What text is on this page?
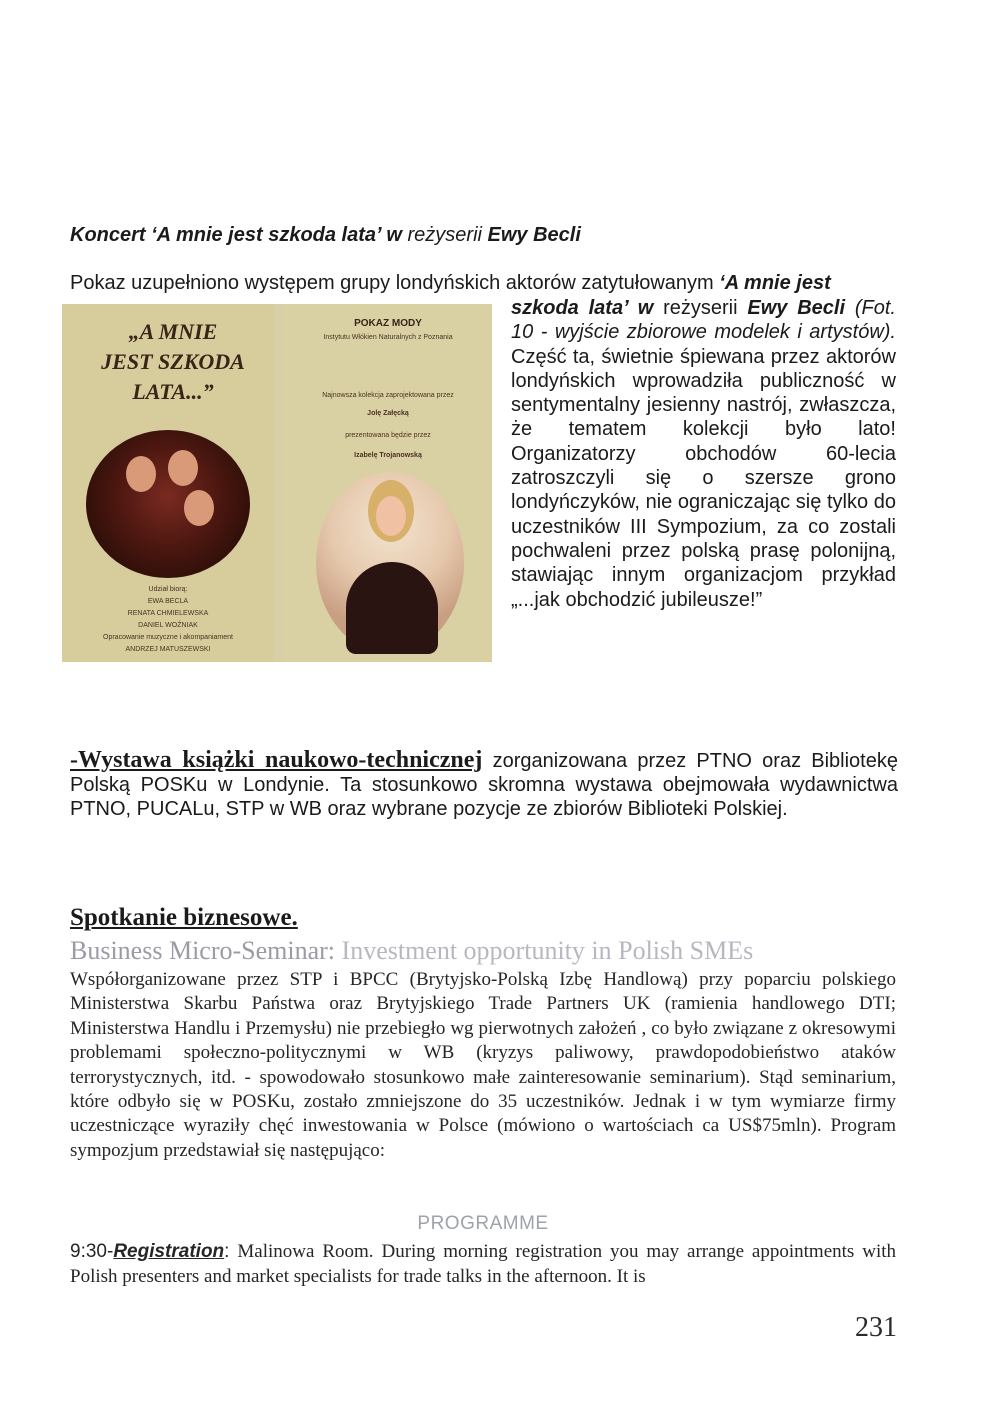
Koncert ‘A mnie jest szkoda lata’ w reżyserii Ewy Becli
Pokaz uzupełniono występem grupy londyńskich aktorów zatytułowanym ‘A mnie jest
„A MNIE
JEST SZKODA
LATA...”
Udział biorą:
EWA BECLA
RENATA CHMIELEWSKA
DANIEL WOŹNIAK
Opracowanie muzyczne i akompaniament
ANDRZEJ MATUSZEWSKI
POKAZ MODY
Instytutu Włókien Naturalnych z Poznania
Najnowsza kolekcja zaprojektowana przez
Jolę Załęcką
prezentowana będzie przez
Izabelę Trojanowską

szkoda lata’ w reżyserii Ewy Becli (Fot. 10 - wyjście zbiorowe modelek i artystów). Część ta, świetnie śpiewana przez aktorów londyńskich wprowadziła publiczność w sentymentalny jesienny nastrój, zwłaszcza, że tematem kolekcji było lato! Organizatorzy obchodów 60-lecia zatroszczyli się o szersze grono londyńczyków, nie ograniczając się tylko do uczestników III Sympozium, za co zostali pochwaleni przez polską prasę polonijną, stawiając innym organizacjom przykład „...jak obchodzić jubileusze!”

-Wystawa książki naukowo-technicznej zorganizowana przez PTNO oraz Bibliotekę Polską POSKu w Londynie. Ta stosunkowo skromna wystawa obejmowała wydawnictwa PTNO, PUCALu, STP w WB oraz wybrane pozycje ze zbiorów Biblioteki Polskiej.

Spotkanie biznesowe.
Business Micro-Seminar: Investment opportunity in Polish SMEs

Współorganizowane przez STP i BPCC (Brytyjsko-Polską Izbę Handlową) przy poparciu polskiego Ministerstwa Skarbu Państwa oraz Brytyjskiego Trade Partners UK (ramienia handlowego DTI; Ministerstwa Handlu i Przemysłu) nie przebiegło wg pierwotnych założeń , co było związane z okresowymi problemami społeczno-politycznymi w WB (kryzys paliwowy, prawdopodobieństwo ataków terrorystycznych, itd. - spowodowało stosunkowo małe zainteresowanie seminarium). Stąd seminarium, które odbyło się w POSKu, zostało zmniejszone do 35 uczestników. Jednak i w tym wymiarze firmy uczestniczące wyraziły chęć inwestowania w Polsce (mówiono o wartościach ca US$75mln). Program sympozjum przedstawiał się następująco:

PROGRAMME

9:30-Registration: Malinowa Room. During morning registration you may arrange appointments with Polish presenters and market specialists for trade talks in the afternoon. It is

231
